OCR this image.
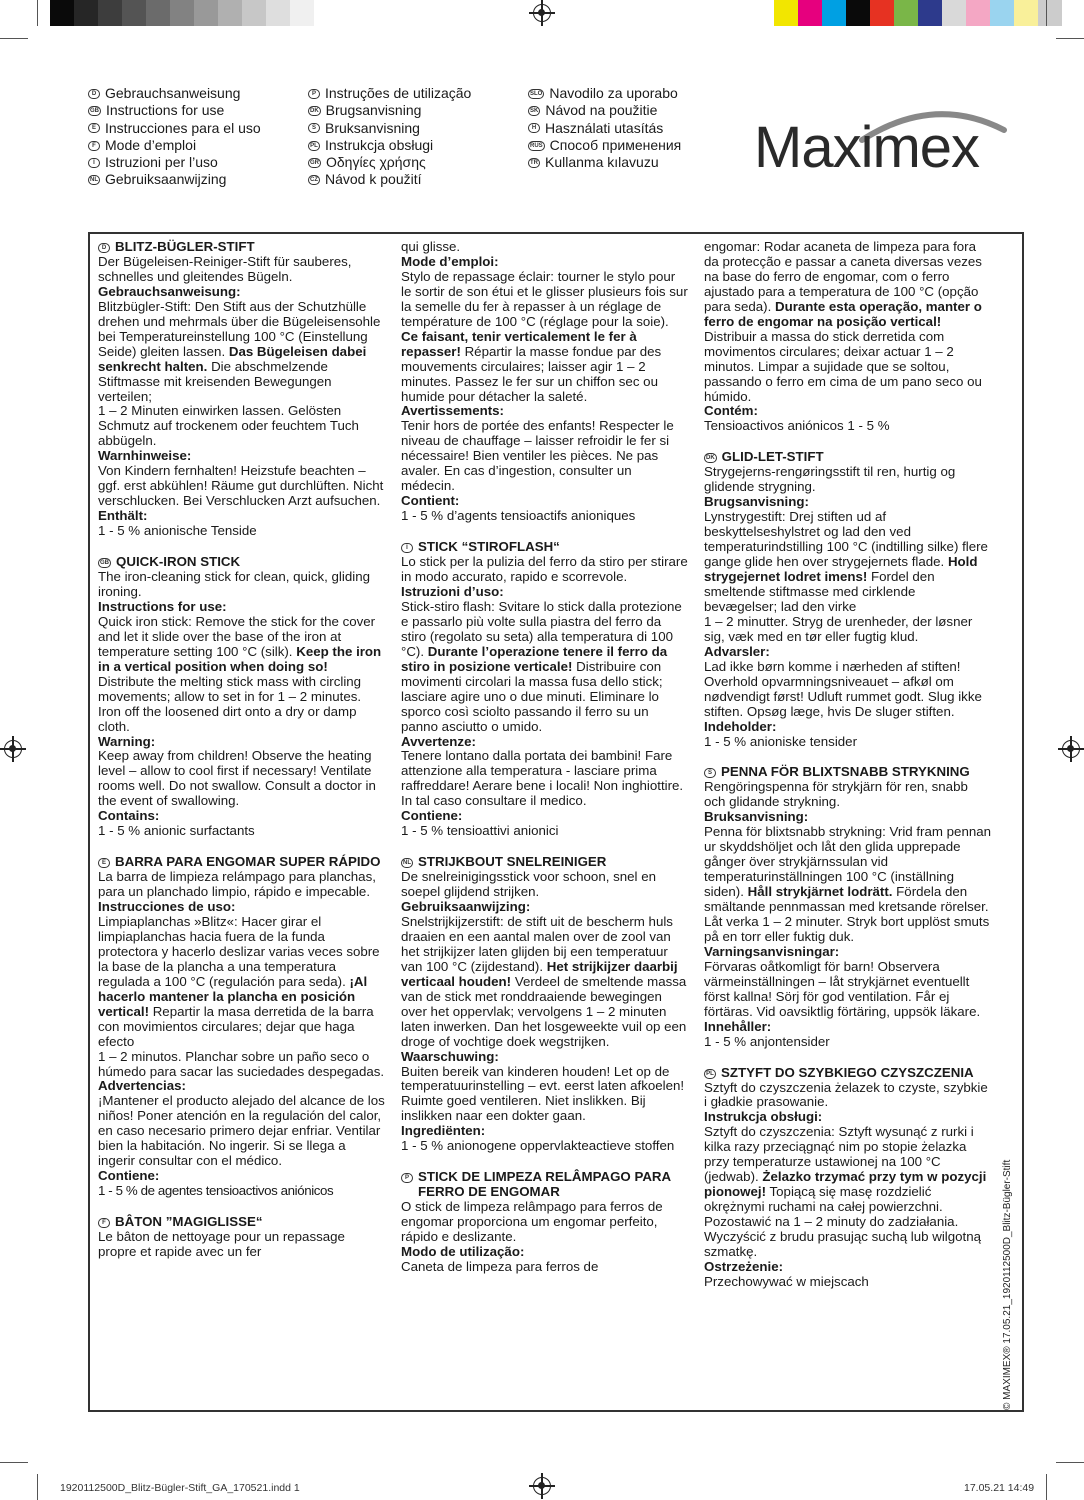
D Gebrauchsanweisung
GB Instructions for use
E Instrucciones para el uso
F Mode d’emploi
I Istruzioni per l’uso
NL Gebruiksaanwijzing
P Instruções de utilização
DK Brugsanvisning
S Bruksanvisning
PL Instrukcja obsługi
GR Οδηγίες χρήσης
CZ Návod k použití
SLO Navodilo za uporabo
SK Návod na použitie
H Használati utasítás
RUS Способ применения
TR Kullanma kılavuzu Maximex

D BLITZ-BÜGLER-STIFT

Der Bügeleisen-Reiniger-Stift für sauberes, schnelles und gleitendes Bügeln.

Gebrauchsanweisung:

Blitzbügler-Stift: Den Stift aus der Schutzhülle drehen und mehrmals über die Bügeleisensohle bei Temperatureinstellung 100 °C (Einstellung Seide) gleiten lassen. Das Bügeleisen dabei senkrecht halten. Die abschmelzende Stiftmasse mit kreisenden Bewegungen verteilen;

1 – 2 Minuten einwirken lassen. Gelösten Schmutz auf trockenem oder feuchtem Tuch abbügeln.

Warnhinweise:

Von Kindern fernhalten! Heizstufe beachten – ggf. erst abkühlen! Räume gut durchlüften. Nicht verschlucken. Bei Verschlucken Arzt aufsuchen.

Enthält:

1 - 5 % anionische Tenside

GB QUICK-IRON STICK

The iron-cleaning stick for clean, quick, gliding ironing.

Instructions for use:

Quick iron stick: Remove the stick for the cover and let it slide over the base of the iron at temperature setting 100 °C (silk). Keep the iron in a vertical position when doing so! Distribute the melting stick mass with circling movements; allow to set in for 1 – 2 minutes. Iron off the loosened dirt onto a dry or damp cloth.

Warning:

Keep away from children! Observe the heating level – allow to cool first if necessary! Ventilate rooms well. Do not swallow. Consult a doctor in the event of swallowing.

Contains:

1 - 5 % anionic surfactants

E BARRA PARA ENGOMAR SUPER RÁPIDO

La barra de limpieza relámpago para planchas, para un planchado limpio, rápido e impecable.

Instrucciones de uso:

Limpiaplanchas »Blitz«: Hacer girar el limpiaplanchas hacia fuera de la funda protectora y hacerlo deslizar varias veces sobre la base de la plancha a una temperatura regulada a 100 °C (regulación para seda). ¡Al hacerlo mantener la plancha en posición vertical! Repartir la masa derretida de la barra con movimientos circulares; dejar que haga efecto

1 – 2 minutos. Planchar sobre un paño seco o húmedo para sacar las suciedades despegadas.

Advertencias:

¡Mantener el producto alejado del alcance de los niños! Poner atención en la regulación del calor, en caso necesario primero dejar enfriar. Ventilar bien la habitación. No ingerir. Si se llega a ingerir consultar con el médico.

Contiene:

1 - 5 % de agentes tensioactivos aniónicos

F BÂTON ”MAGIGLISSE“

Le bâton de nettoyage pour un repassage propre et rapide avec un fer

qui glisse.

Mode d’emploi:

Stylo de repassage éclair: tourner le stylo pour le sortir de son étui et le glisser plusieurs fois sur la semelle du fer à repasser à un réglage de température de 100 °C (réglage pour la soie). Ce faisant, tenir verticalement le fer à repasser! Répartir la masse fondue par des mouvements circulaires; laisser agir 1 – 2 minutes. Passez le fer sur un chiffon sec ou humide pour détacher la saleté.

Avertissements:

Tenir hors de portée des enfants! Respecter le niveau de chauffage – laisser refroidir le fer si nécessaire! Bien ventiler les pièces. Ne pas avaler. En cas d’ingestion, consulter un médecin.

Contient:

1 - 5 % d’agents tensioactifs anioniques

I STICK “STIROFLASH“

Lo stick per la pulizia del ferro da stiro per stirare in modo accurato, rapido e scorrevole.

Istruzioni d’uso:

Stick-stiro flash: Svitare lo stick dalla protezione e passarlo più volte sulla piastra del ferro da stiro (regolato su seta) alla temperatura di 100 °C). Durante l’operazione tenere il ferro da stiro in posizione verticale! Distribuire con movimenti circolari la massa fusa dello stick; lasciare agire uno o due minuti. Eliminare lo sporco così sciolto passando il ferro su un panno asciutto o umido.

Avvertenze:

Tenere lontano dalla portata dei bambini! Fare attenzione alla temperatura - lasciare prima raffreddare! Aerare bene i locali! Non inghiottire. In tal caso consultare il medico.

Contiene:

1 - 5 % tensioattivi anionici

NL STRIJKBOUT SNELREINIGER

De snelreinigingsstick voor schoon, snel en soepel glijdend strijken.

Gebruiksaanwijzing:

Snelstrijkijzerstift: de stift uit de bescherm huls draaien en een aantal malen over de zool van het strijkijzer laten glijden bij een temperatuur van 100 °C (zijdestand). Het strijkijzer daarbij verticaal houden! Verdeel de smeltende massa van de stick met ronddraaiende bewegingen over het oppervlak; vervolgens 1 – 2 minuten laten inwerken. Dan het losgeweekte vuil op een droge of vochtige doek wegstrijken.

Waarschuwing:

Buiten bereik van kinderen houden! Let op de temperatuurinstelling – evt. eerst laten afkoelen! Ruimte goed ventileren. Niet inslikken. Bij inslikken naar een dokter gaan.

Ingrediënten:

1 - 5 % anionogene oppervlakteactieve stoffen

P STICK DE LIMPEZA RELÂMPAGO PARA FERRO DE ENGOMAR

O stick de limpeza relâmpago para ferros de engomar proporciona um engomar perfeito, rápido e deslizante.

Modo de utilização:

Caneta de limpeza para ferros de

engomar: Rodar acaneta de limpeza para fora da protecção e passar a caneta diversas vezes na base do ferro de engomar, com o ferro ajustado para a temperatura de 100 °C (opção para seda). Durante esta operação, manter o ferro de engomar na posição vertical! Distribuir a massa do stick derretida com movimentos circulares; deixar actuar 1 – 2 minutos. Limpar a sujidade que se soltou, passando o ferro em cima de um pano seco ou húmido.

Contém:

Tensioactivos aniónicos 1 - 5 %

DK GLID-LET-STIFT

Strygejerns-rengøringsstift til ren, hurtig og glidende strygning.

Brugsanvisning:

Lynstrygestift: Drej stiften ud af beskyttelseshylstret og lad den ved temperaturindstilling 100 °C (indtilling silke) flere gange glide hen over strygejernets flade. Hold strygejernet lodret imens! Fordel den smeltende stiftmasse med cirklende bevægelser; lad den virke

1 – 2 minutter. Stryg de urenheder, der løsner sig, væk med en tør eller fugtig klud.

Advarsler:

Lad ikke børn komme i nærheden af stiften! Overhold opvarmningsniveauet – afkøl om nødvendigt først! Udluft rummet godt. Slug ikke stiften. Opsøg læge, hvis De sluger stiften.

Indeholder:

1 - 5 % anioniske tensider

S PENNA FÖR BLIXTSNABB STRYKNING

Rengöringspenna för strykjärn för ren, snabb och glidande strykning.

Bruksanvisning:

Penna för blixtsnabb strykning: Vrid fram pennan ur skyddshöljet och låt den glida upprepade gånger över strykjärnssulan vid temperaturinställningen 100 °C (inställning siden). Håll strykjärnet lodrätt. Fördela den smältande pennmassan med kretsande rörelser. Låt verka 1 – 2 minuter. Stryk bort upplöst smuts på en torr eller fuktig duk.

Varningsanvisningar:

Förvaras oåtkomligt för barn! Observera värmeinställningen – låt strykjärnet eventuellt först kallna! Sörj för god ventilation. Får ej förtäras. Vid oavsiktlig förtäring, uppsök läkare.

Innehåller:

1 - 5 % anjontensider

PL SZTYFT DO SZYBKIEGO CZYSZCZENIA

Sztyft do czyszczenia żelazek to czyste, szybkie i gładkie prasowanie.

Instrukcja obsługi:

Sztyft do czyszczenia: Sztyft wysunąć z rurki i kilka razy przeciągnąć nim po stopie żelazka przy temperaturze ustawionej na 100 °C (jedwab). Żelazko trzymać przy tym w pozycji pionowej! Topiącą się masę rozdzielić okrężnymi ruchami na całej powierzchni. Pozostawić na 1 – 2 minuty do zadziałania. Wyczyścić z brudu prasując suchą lub wilgotną szmatkę.

Ostrzeżenie:

Przechowywać w miejscach	© MAXIMEX® 17.05.21_1920112500D_Blitz-Bügler-Stift
1920112500D_Blitz-Bügler-Stift_GA_170521.indd 1	17.05.21 14:49
